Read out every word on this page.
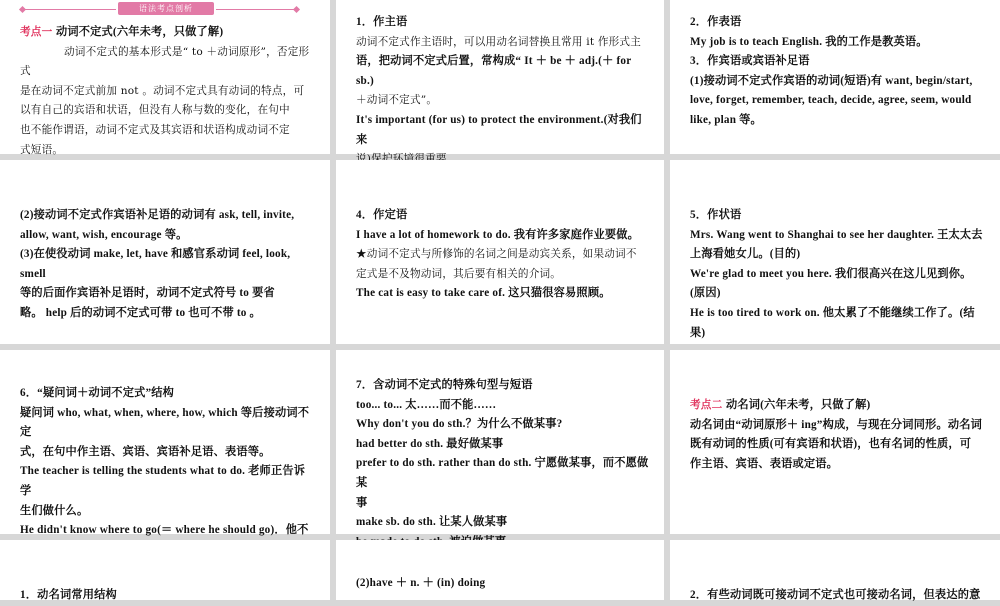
语法考点剖析

考点一 动词不定式(六年未考，只做了解)

动词不定式的基本形式是“ to ＋动词原形”，否定形式

是在动词不定式前加 not 。动词不定式具有动词的特点，可

以有自己的宾语和状语，但没有人称与数的变化，在句中

也不能作谓语，动词不定式及其宾语和状语构成动词不定

式短语。

1．作主语

动词不定式作主语时，可以用动名词替换且常用 it 作形式主

语，把动词不定式后置，常构成“ It ＋ be ＋ adj.(＋ for sb.)

＋动词不定式”。

It's important (for us) to protect the environment.(对我们来

2．作表语

My job is to teach English. 我的工作是教英语。

3．作宾语或宾语补足语

(1)接动词不定式作宾语的动词(短语)有 want, begin/start,

love, forget, remember, teach, decide, agree, seem, would

like, plan 等。

(2)接动词不定式作宾语补足语的动词有 ask, tell, invite,

allow, want, wish, encourage 等。

(3)在使役动词 make, let, have 和感官系动词 feel, look, smell

等的后面作宾语补足语时，动词不定式符号 to 要省

略。 help 后的动词不定式可带 to 也可不带 to 。

4．作定语

I have a lot of homework to do. 我有许多家庭作业要做。

★动词不定式与所修饰的名词之间是动宾关系，如果动词不

定式是不及物动词，其后要有相关的介词。

The cat is easy to take care of. 这只猫很容易照顾。

5．作状语

Mrs. Wang went to Shanghai to see her daughter. 王太太去

上海看她女儿。(目的)

We're glad to meet you here. 我们很高兴在这儿见到你。

(原因)

He is too tired to work on. 他太累了不能继续工作了。(结

果)

6．“疑问词＋动词不定式”结构

疑问词 who, what, when, where, how, which 等后接动词不定

式，在句中作主语、宾语、宾语补足语、表语等。

The teacher is telling the students what to do. 老师正告诉学

生们做什么。

He didn't know where to go(＝ where he should go)．他不

7．含动词不定式的特殊句型与短语

too... to... 太……而不能……

Why don't you do sth.？为什么不做某事?

had better do sth. 最好做某事

prefer to do sth. rather than do sth. 宁愿做某事，而不愿做某

事

make sb. do sth. 让某人做某事

考点二 动名词(六年未考，只做了解)

动名词由“动词原形＋ ing”构成，与现在分词同形。动名词

既有动词的性质(可有宾语和状语)，也有名词的性质，可

作主语、宾语、表语或定语。

1．动名词常用结构

(2)have ＋ n. ＋ (in) doing

2．有些动词既可接动词不定式也可接动名词，但表达的意
